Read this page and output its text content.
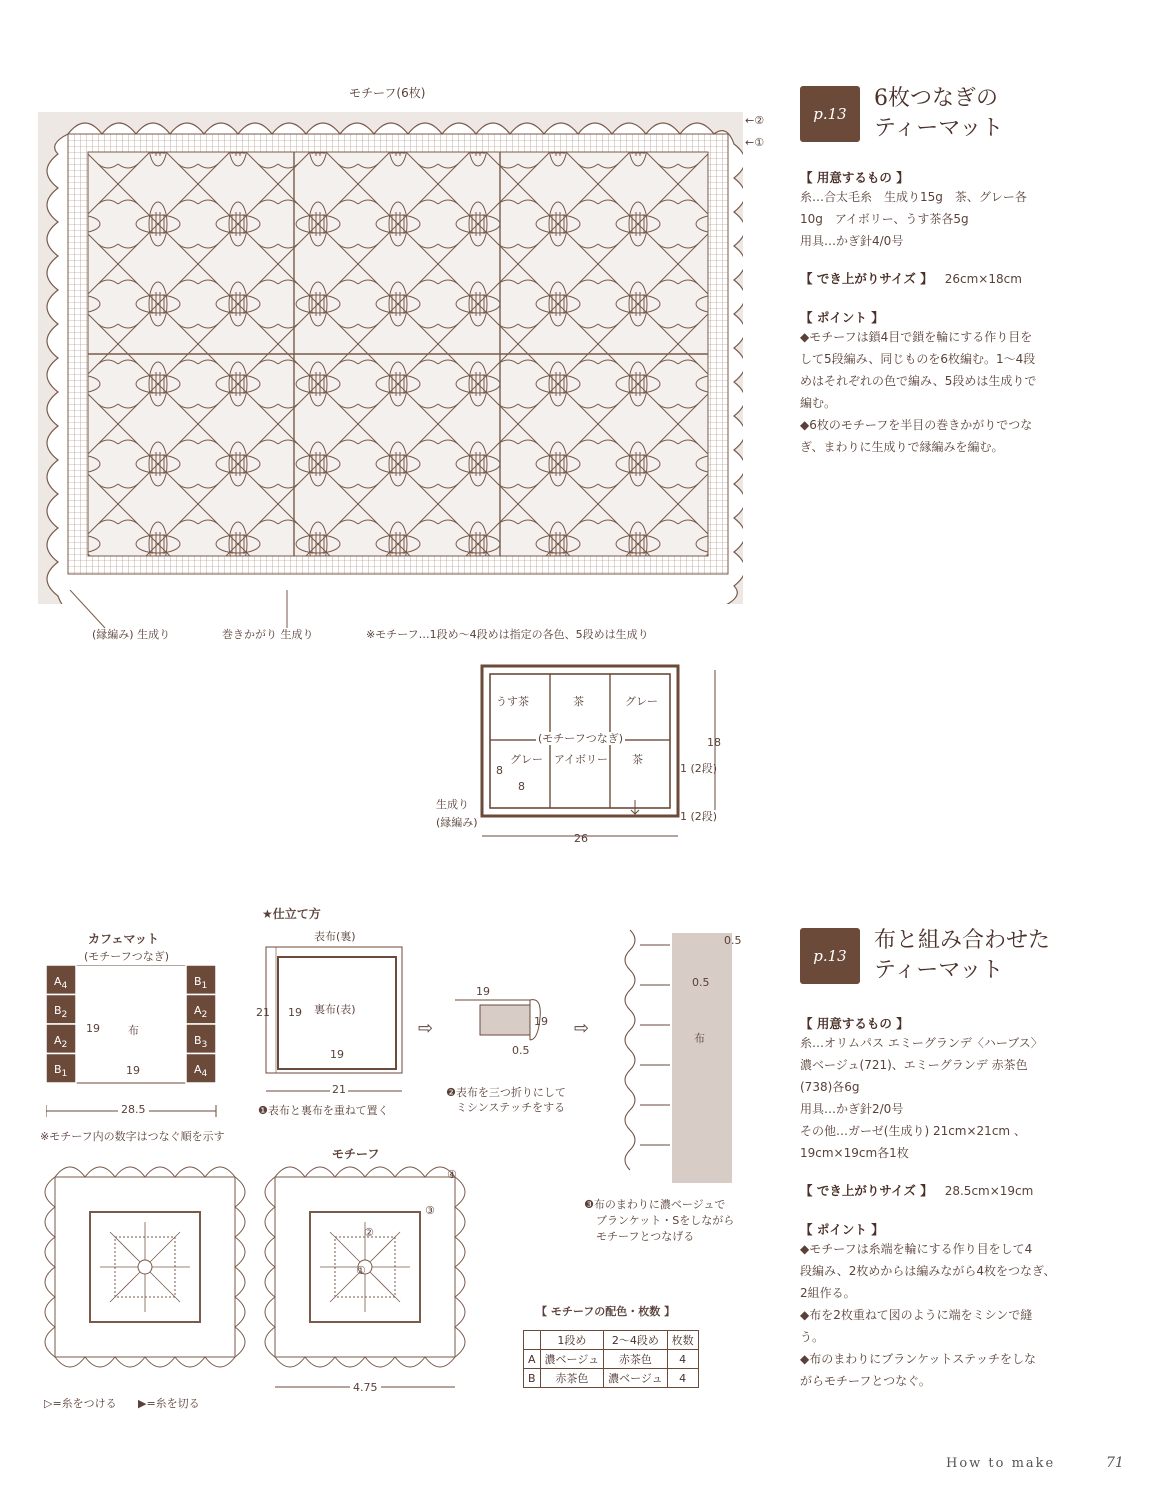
モチーフ(6枚)
←②
←①
(縁編み) 生成り	巻きかがり 生成り	※モチーフ…1段め〜4段めは指定の各色、5段めは生成り
うす茶	茶	グレー
(モチーフつなぎ)
グレー アイボリー 茶
8
8
18
26
1 (2段)
1 (2段)
生成り
(縁編み)
p.13
6枚つなぎの
ティーマット
【 用意するもの 】
糸…合太毛糸　生成り15g　茶、グレー各
10g　アイボリー、うす茶各5g
用具…かぎ針4/0号
【 でき上がりサイズ 】 26cm×18cm
【 ポイント 】
◆モチーフは鎖4目で鎖を輪にする作り目を
して5段編み、同じものを6枚編む。1〜4段
めはそれぞれの色で編み、5段めは生成りで
編む。
◆6枚のモチーフを半目の巻きかがりでつな
ぎ、まわりに生成りで縁編みを編む。
カフェマット
(モチーフつなぎ)
$A_4$
$B_2$
$A_2$
$B_1$
$B_1$
$A_2$
$B_3$
$A_4$
布
19
19
28.5
※モチーフ内の数字はつなぐ順を示す
★仕立て方
表布(裏)
裏布(表)
21 19
19
21
❶表布と裏布を重ねて置く
⇨
19
19
0.5
❷表布を三つ折りにして
ミシンステッチをする
⇨
0.5
0.5
布
❸布のまわりに濃ベージュで
ブランケット・Sをしながら
モチーフとつなげる
モチーフ
④
③
②
①
4.75
▷=糸をつける ▶=糸を切る
【 モチーフの配色・枚数 】
	1段め	2〜4段め	枚数
A	濃ベージュ	赤茶色	4
B	赤茶色	濃ベージュ	4
p.13
布と組み合わせた
ティーマット
【 用意するもの 】
糸…オリムパス エミーグランデ〈ハーブス〉
濃ベージュ(721)、エミーグランデ 赤茶色
(738)各6g
用具…かぎ針2/0号
その他…ガーゼ(生成り) 21cm×21cm 、
19cm×19cm各1枚
【 でき上がりサイズ 】 28.5cm×19cm
【 ポイント 】
◆モチーフは糸端を輪にする作り目をして4
段編み、2枚めからは編みながら4枚をつなぎ、
2組作る。
◆布を2枚重ねて図のように端をミシンで縫
う。
◆布のまわりにブランケットステッチをしな
がらモチーフとつなぐ。
How to make	71
